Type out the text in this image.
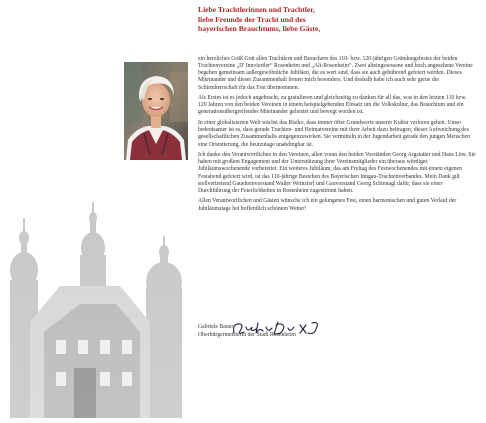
Liebe Trachtlerinnen und Trachtler,
liebe Freunde der Tracht und des
bayerischen Brauchtums, liebe Gäste,

ein herzliches Grüß Gott allen Trachtlern und Besuchern des 110- bzw. 120-jährigen Gründungsfestes der beiden Trachtenvereine „D' Innviertler“ Rosenheim und „Alt-Rosenheim“. Zwei alteingesessene und hoch angesehene Vereine begehen gemeinsam außergewöhnliche Jubiläen, die es wert sind, dass sie auch gebührend gefeiert werden. Dieses Miteinander und dieser Zusammenhalt freuen mich besonders. Und deshalb habe ich auch sehr gerne die Schirmherrschaft für das Fest übernommen.

Als Erstes ist es jedoch angebracht, zu gratulieren und gleichzeitig zu danken für all das, was in den letzten 110 bzw. 120 Jahren von den beiden Vereinen in einem beispielgebenden Einsatz um die Volkskultur, das Brauchtum und ein generationsübergreifendes Miteinander geleistet und bewegt worden ist.

In einer globalisierten Welt wächst das Risiko, dass immer öfter Grundwerte unserer Kultur verloren gehen. Umso bedeutsamer ist es, dass gerade Trachten- und Heimatvereine mit ihrer Arbeit dazu beitragen, dieser Aufweichung des gesellschaftlichen Zusammenhalts entgegenzuwirken. Sie vermitteln in der Jugendarbeit gerade den jungen Menschen eine Orientierung, die heutzutage unabdingbar ist.

Ich danke den Verantwortlichen in den Vereinen, allen voran den beiden Vorständen Georg Argstatter und Hans Löw. Sie haben mit großem Engagement und der Unterstützung ihrer Vereinsmitglieder ein überaus würdiges Jubiläumswochenende vorbereitet. Ein weiteres Jubiläum, das am Freitag des Festwochenendes mit einem eigenen Festabend gefeiert wird, ist das 110-jährige Bestehen des Bayerischen Inngau-Trachtenverbandes. Mein Dank gilt stellvertretend Gauehrenvorstand Walter Weinzierl und Gauvorstand Georg Schinnagl dafür, dass sie einer Durchführung der Feierlichkeiten in Rosenheim zugestimmt haben.

Allen Verantwortlichen und Gästen wünsche ich ein gelungenes Fest, einen harmonischen und guten Verlauf der Jubiläumstage bei hoffentlich schönem Wetter!

Gabriele Bauer
Oberbürgermeisterin der Stadt Rosenheim
